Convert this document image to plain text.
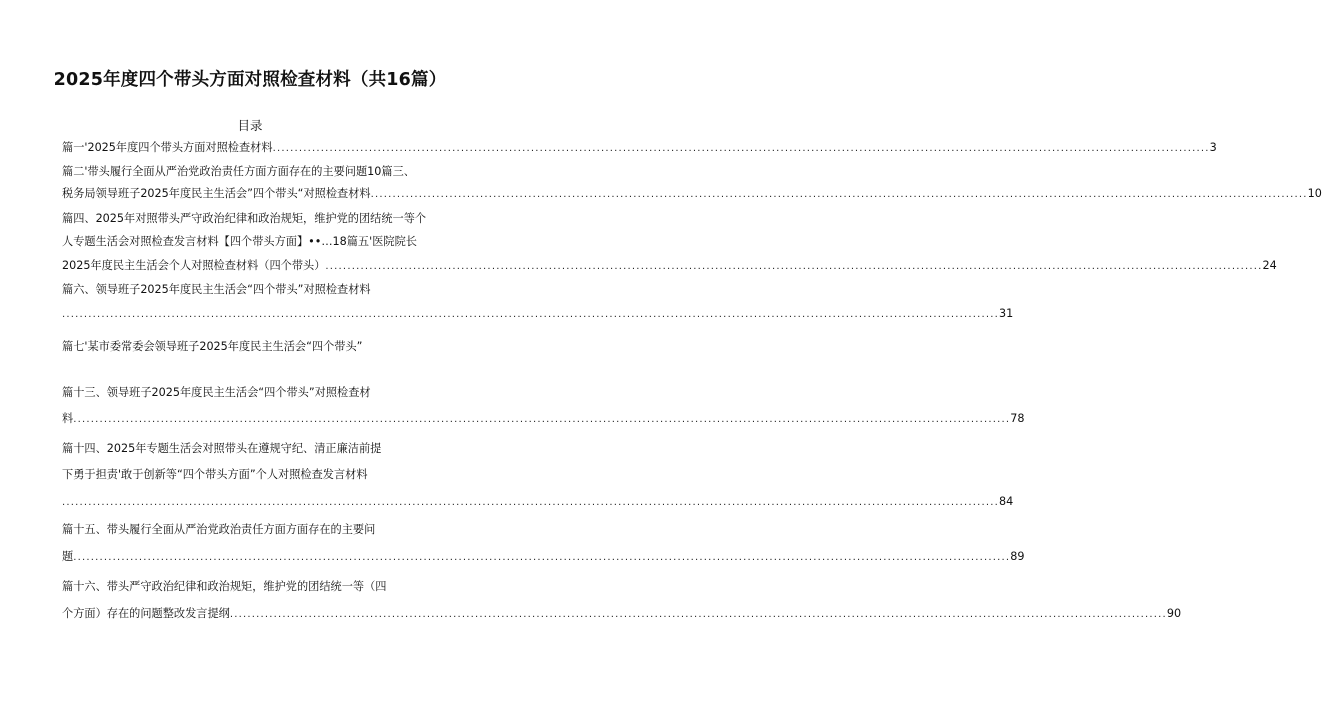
2025年度四个带头方面对照检查材料（共16篇）
目录
篇一'2025年度四个带头方面对照检查材料 ...................................................................................................................................................................................................................... 3
篇二'带头履行全面从严治党政治责任方面方面存在的主要问题10篇三、
税务局领导班子2025年度民主生活会”四个带头“对照检查材料 ...................................................................................................................................................................................................................... 10
篇四、2025年对照带头严守政治纪律和政治规矩，维护党的团结统一等个
人专题生活会对照检查发言材料【四个带头方面】••…18篇五'医院院长
2025年度民主生活会个人对照检查材料（四个带头） ...................................................................................................................................................................................................................... 24
篇六、领导班子2025年度民主生活会“四个带头”对照检查材料
...................................................................................................................................................................................................................... 31
篇七'某市委常委会领导班子2025年度民主生活会“四个带头”
篇十三、领导班子2025年度民主生活会“四个带头”对照检查材
料 ...................................................................................................................................................................................................................... 78
篇十四、2025年专题生活会对照带头在遵规守纪、清正廉洁前提
下勇于担责'敢于创新等“四个带头方面”个人对照检查发言材料
...................................................................................................................................................................................................................... 84
篇十五、带头履行全面从严治党政治责任方面方面存在的主要问
题 ...................................................................................................................................................................................................................... 89
篇十六、带头严守政治纪律和政治规矩，维护党的团结统一等（四
个方面）存在的问题整改发言提纲 ...................................................................................................................................................................................................................... 90
